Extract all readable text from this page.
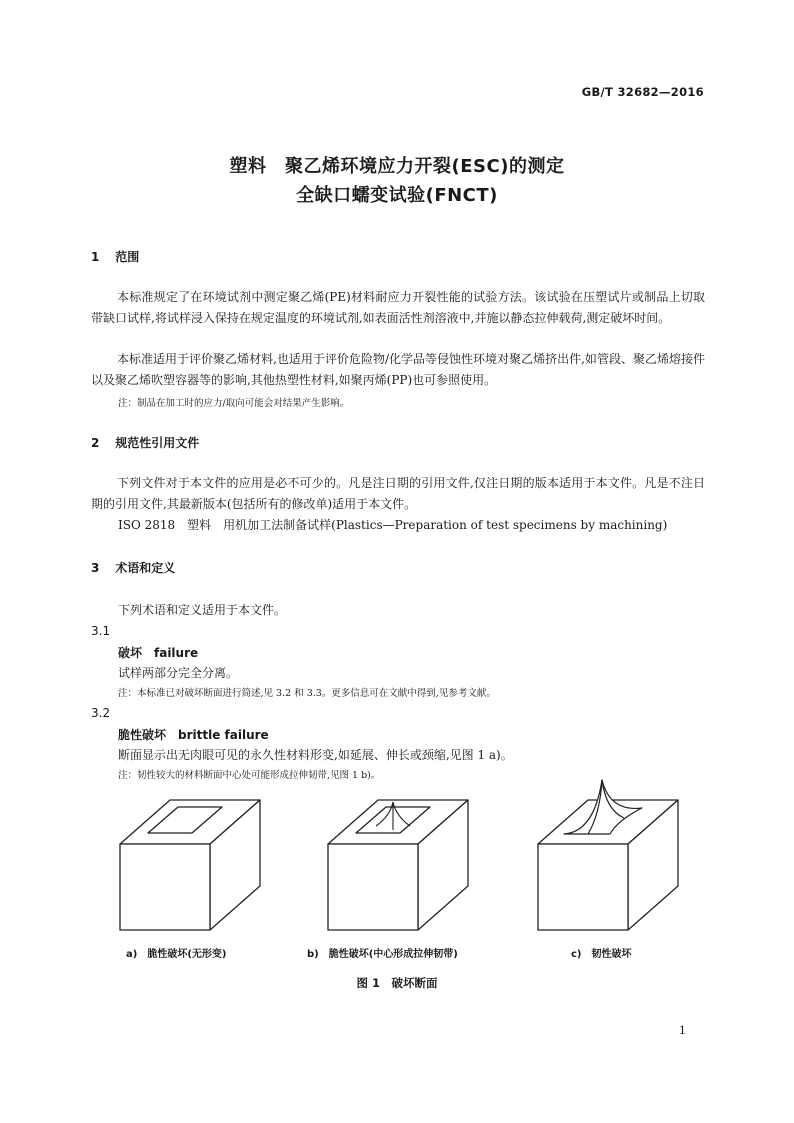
GB/T 32682—2016
塑料　聚乙烯环境应力开裂(ESC)的测定
全缺口蠕变试验(FNCT)
1 范围
本标准规定了在环境试剂中测定聚乙烯(PE)材料耐应力开裂性能的试验方法。该试验在压塑试片或制品上切取带缺口试样,将试样浸入保持在规定温度的环境试剂,如表面活性剂溶液中,并施以静态拉伸载荷,测定破坏时间。
本标准适用于评价聚乙烯材料,也适用于评价危险物/化学品等侵蚀性环境对聚乙烯挤出件,如管段、聚乙烯熔接件以及聚乙烯吹塑容器等的影响,其他热塑性材料,如聚丙烯(PP)也可参照使用。
注：制品在加工时的应力/取向可能会对结果产生影响。
2 规范性引用文件
下列文件对于本文件的应用是必不可少的。凡是注日期的引用文件,仅注日期的版本适用于本文件。凡是不注日期的引用文件,其最新版本(包括所有的修改单)适用于本文件。
ISO 2818　塑料　用机加工法制备试样(Plastics—Preparation of test specimens by machining)
3 术语和定义
下列术语和定义适用于本文件。
3.1
破坏　failure
试样两部分完全分离。
注：本标准已对破坏断面进行简述,见 3.2 和 3.3。更多信息可在文献中得到,见参考文献。
3.2
脆性破坏　brittle failure
断面显示出无肉眼可见的永久性材料形变,如延展、伸长或颈缩,见图 1 a)。
注：韧性较大的材料断面中心处可能形成拉伸韧带,见图 1 b)。
a)　脆性破坏(无形变)	b)　脆性破坏(中心形成拉伸韧带)	c)　韧性破坏
图 1　破坏断面
1
